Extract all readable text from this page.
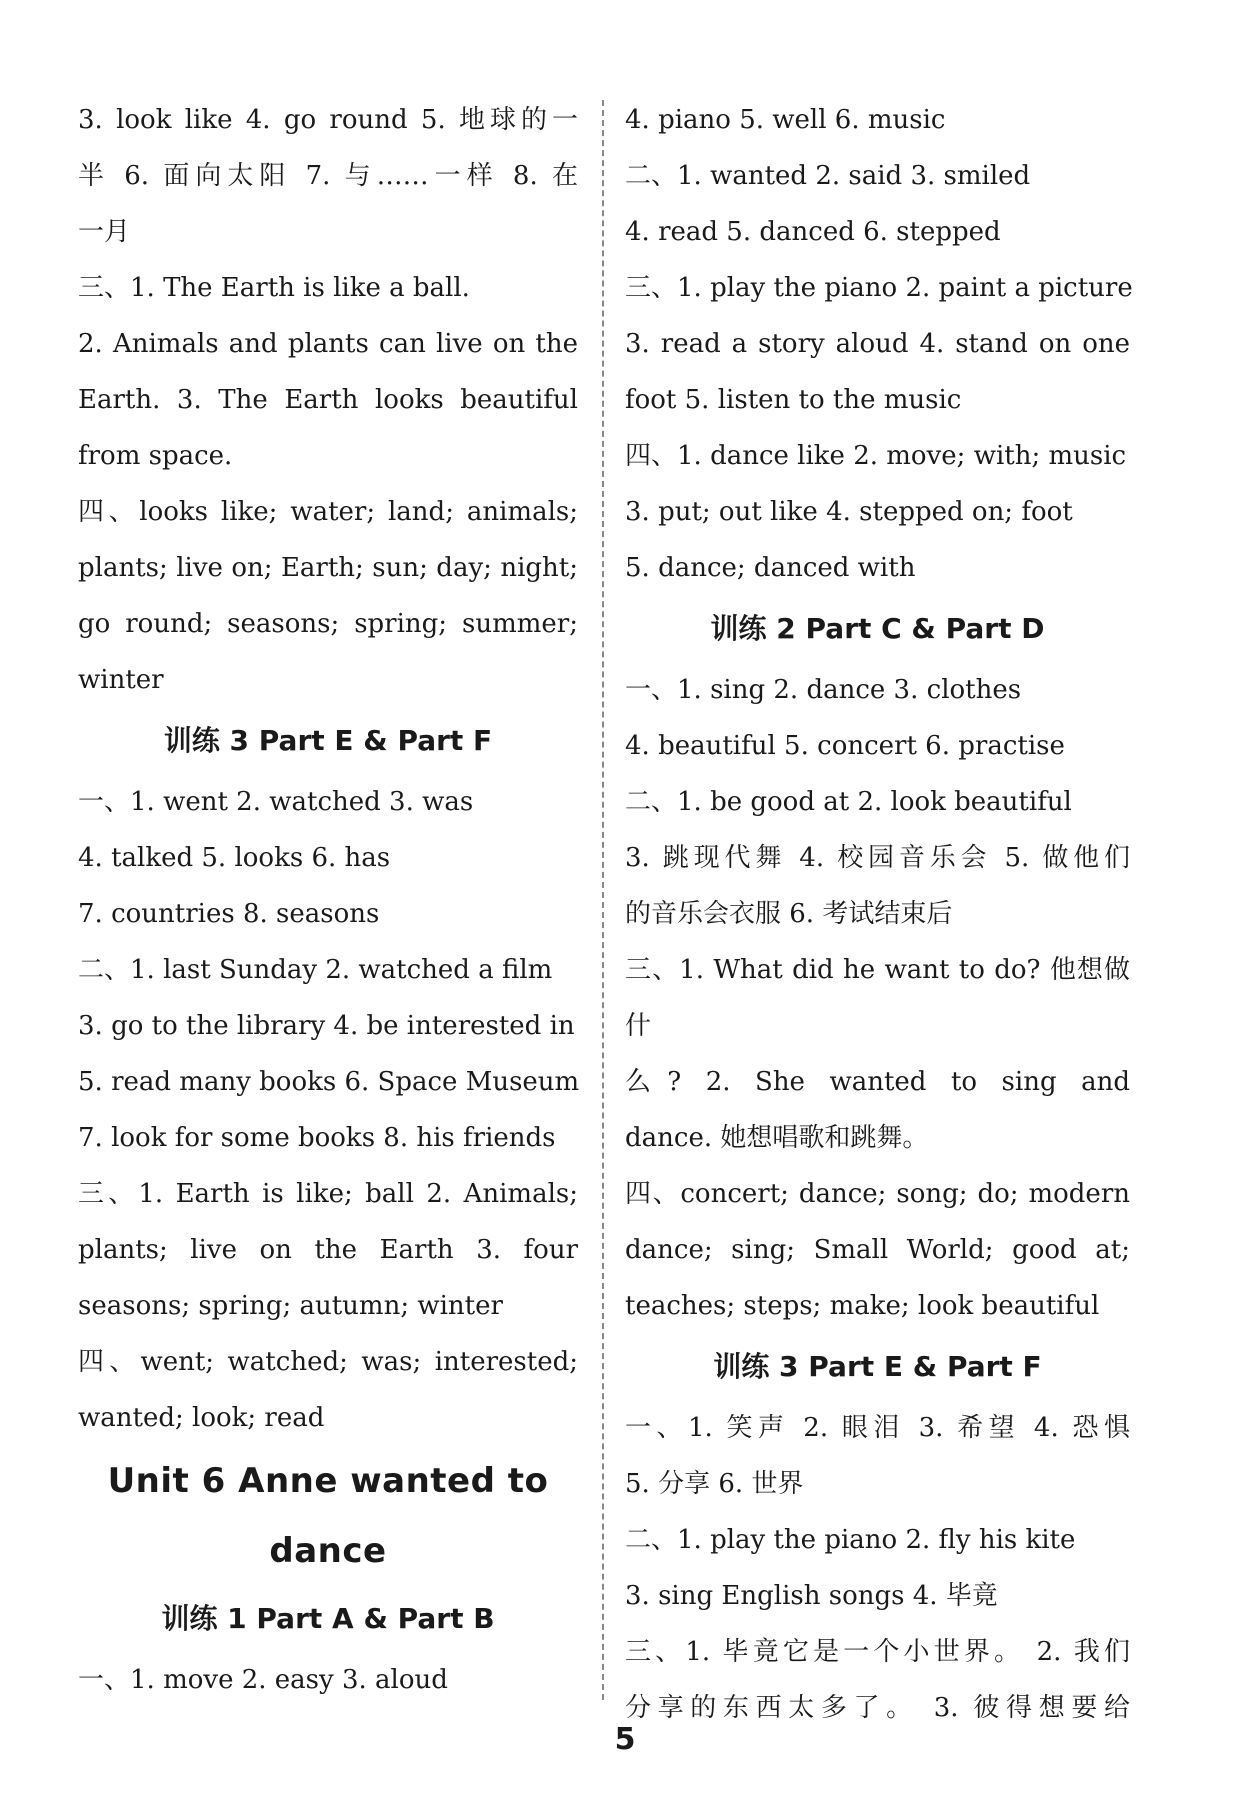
3. look like 4. go round 5. 地球的一
半 6. 面向太阳 7. 与……一样 8. 在
一月
三、1. The Earth is like a ball.
2. Animals and plants can live on the
Earth. 3. The Earth looks beautiful
from space.
四、looks like; water; land; animals;
plants; live on; Earth; sun; day; night;
go round; seasons; spring; summer;
winter
训练 3 Part E & Part F
一、1. went 2. watched 3. was
4. talked 5. looks 6. has
7. countries 8. seasons
二、1. last Sunday 2. watched a film
3. go to the library 4. be interested in
5. read many books 6. Space Museum
7. look for some books 8. his friends
三、1. Earth is like; ball 2. Animals;
plants; live on the Earth 3. four
seasons; spring; autumn; winter
四、went; watched; was; interested;
wanted; look; read
Unit 6 Anne wanted to
dance
训练 1 Part A & Part B
一、1. move 2. easy 3. aloud
4. piano 5. well 6. music
二、1. wanted 2. said 3. smiled
4. read 5. danced 6. stepped
三、1. play the piano 2. paint a picture
3. read a story aloud 4. stand on one
foot 5. listen to the music
四、1. dance like 2. move; with; music
3. put; out like 4. stepped on; foot
5. dance; danced with
训练 2 Part C & Part D
一、1. sing 2. dance 3. clothes
4. beautiful 5. concert 6. practise
二、1. be good at 2. look beautiful
3. 跳现代舞 4. 校园音乐会 5. 做他们
的音乐会衣服 6. 考试结束后
三、1. What did he want to do? 他想做什
么? 2. She wanted to sing and
dance. 她想唱歌和跳舞。
四、concert; dance; song; do; modern
dance; sing; Small World; good at;
teaches; steps; make; look beautiful
训练 3 Part E & Part F
一、1. 笑声 2. 眼泪 3. 希望 4. 恐惧
5. 分享 6. 世界
二、1. play the piano 2. fly his kite
3. sing English songs 4. 毕竟
三、1. 毕竟它是一个小世界。 2. 我们
分享的东西太多了。 3. 彼得想要给
5
